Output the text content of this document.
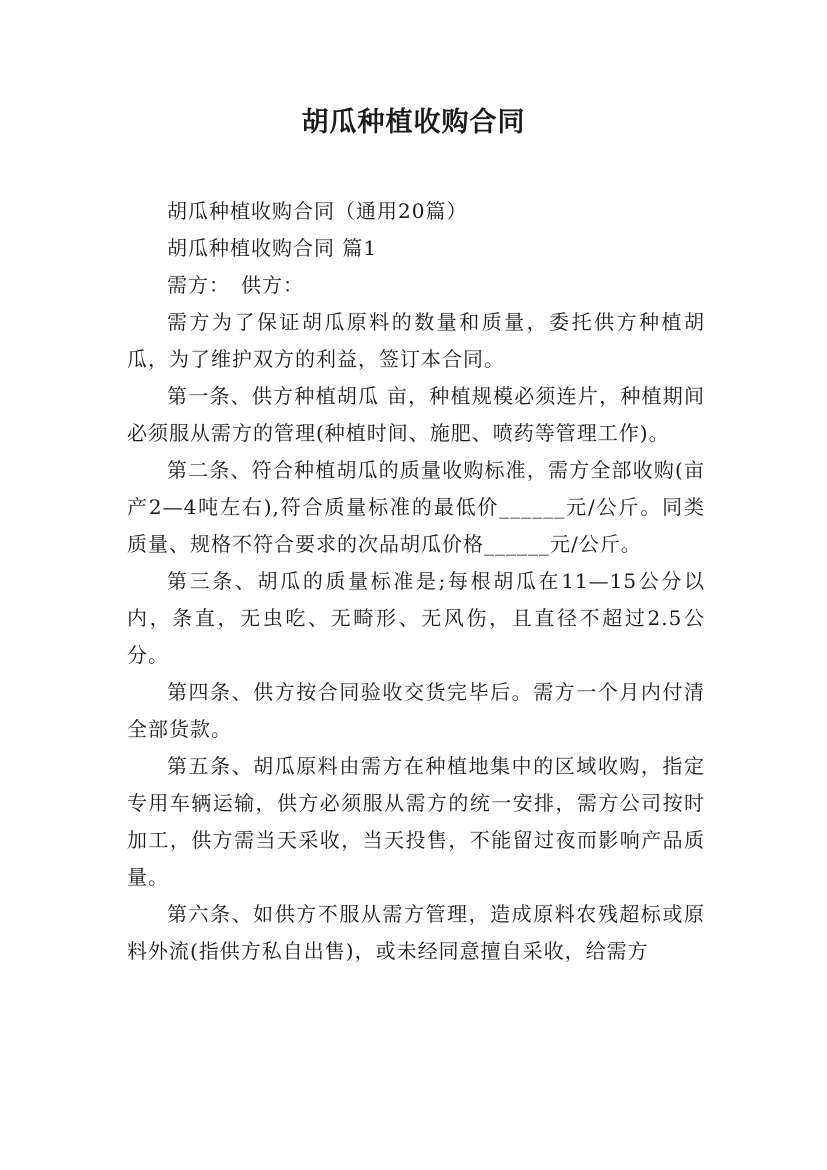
胡瓜种植收购合同

胡瓜种植收购合同（通用20篇）

胡瓜种植收购合同 篇1

需方：　供方：

需方为了保证胡瓜原料的数量和质量，委托供方种植胡瓜，为了维护双方的利益，签订本合同。

第一条、供方种植胡瓜 亩，种植规模必须连片，种植期间必须服从需方的管理(种植时间、施肥、喷药等管理工作)。

第二条、符合种植胡瓜的质量收购标准，需方全部收购(亩产2—4吨左右),符合质量标准的最低价______元/公斤。同类质量、规格不符合要求的次品胡瓜价格______元/公斤。

第三条、胡瓜的质量标准是;每根胡瓜在11—15公分以内，条直，无虫吃、无畸形、无风伤，且直径不超过2.5公分。

第四条、供方按合同验收交货完毕后。需方一个月内付清全部货款。

第五条、胡瓜原料由需方在种植地集中的区域收购，指定专用车辆运输，供方必须服从需方的统一安排，需方公司按时加工，供方需当天采收，当天投售，不能留过夜而影响产品质量。

第六条、如供方不服从需方管理，造成原料农残超标或原料外流(指供方私自出售)，或未经同意擅自采收，给需方
